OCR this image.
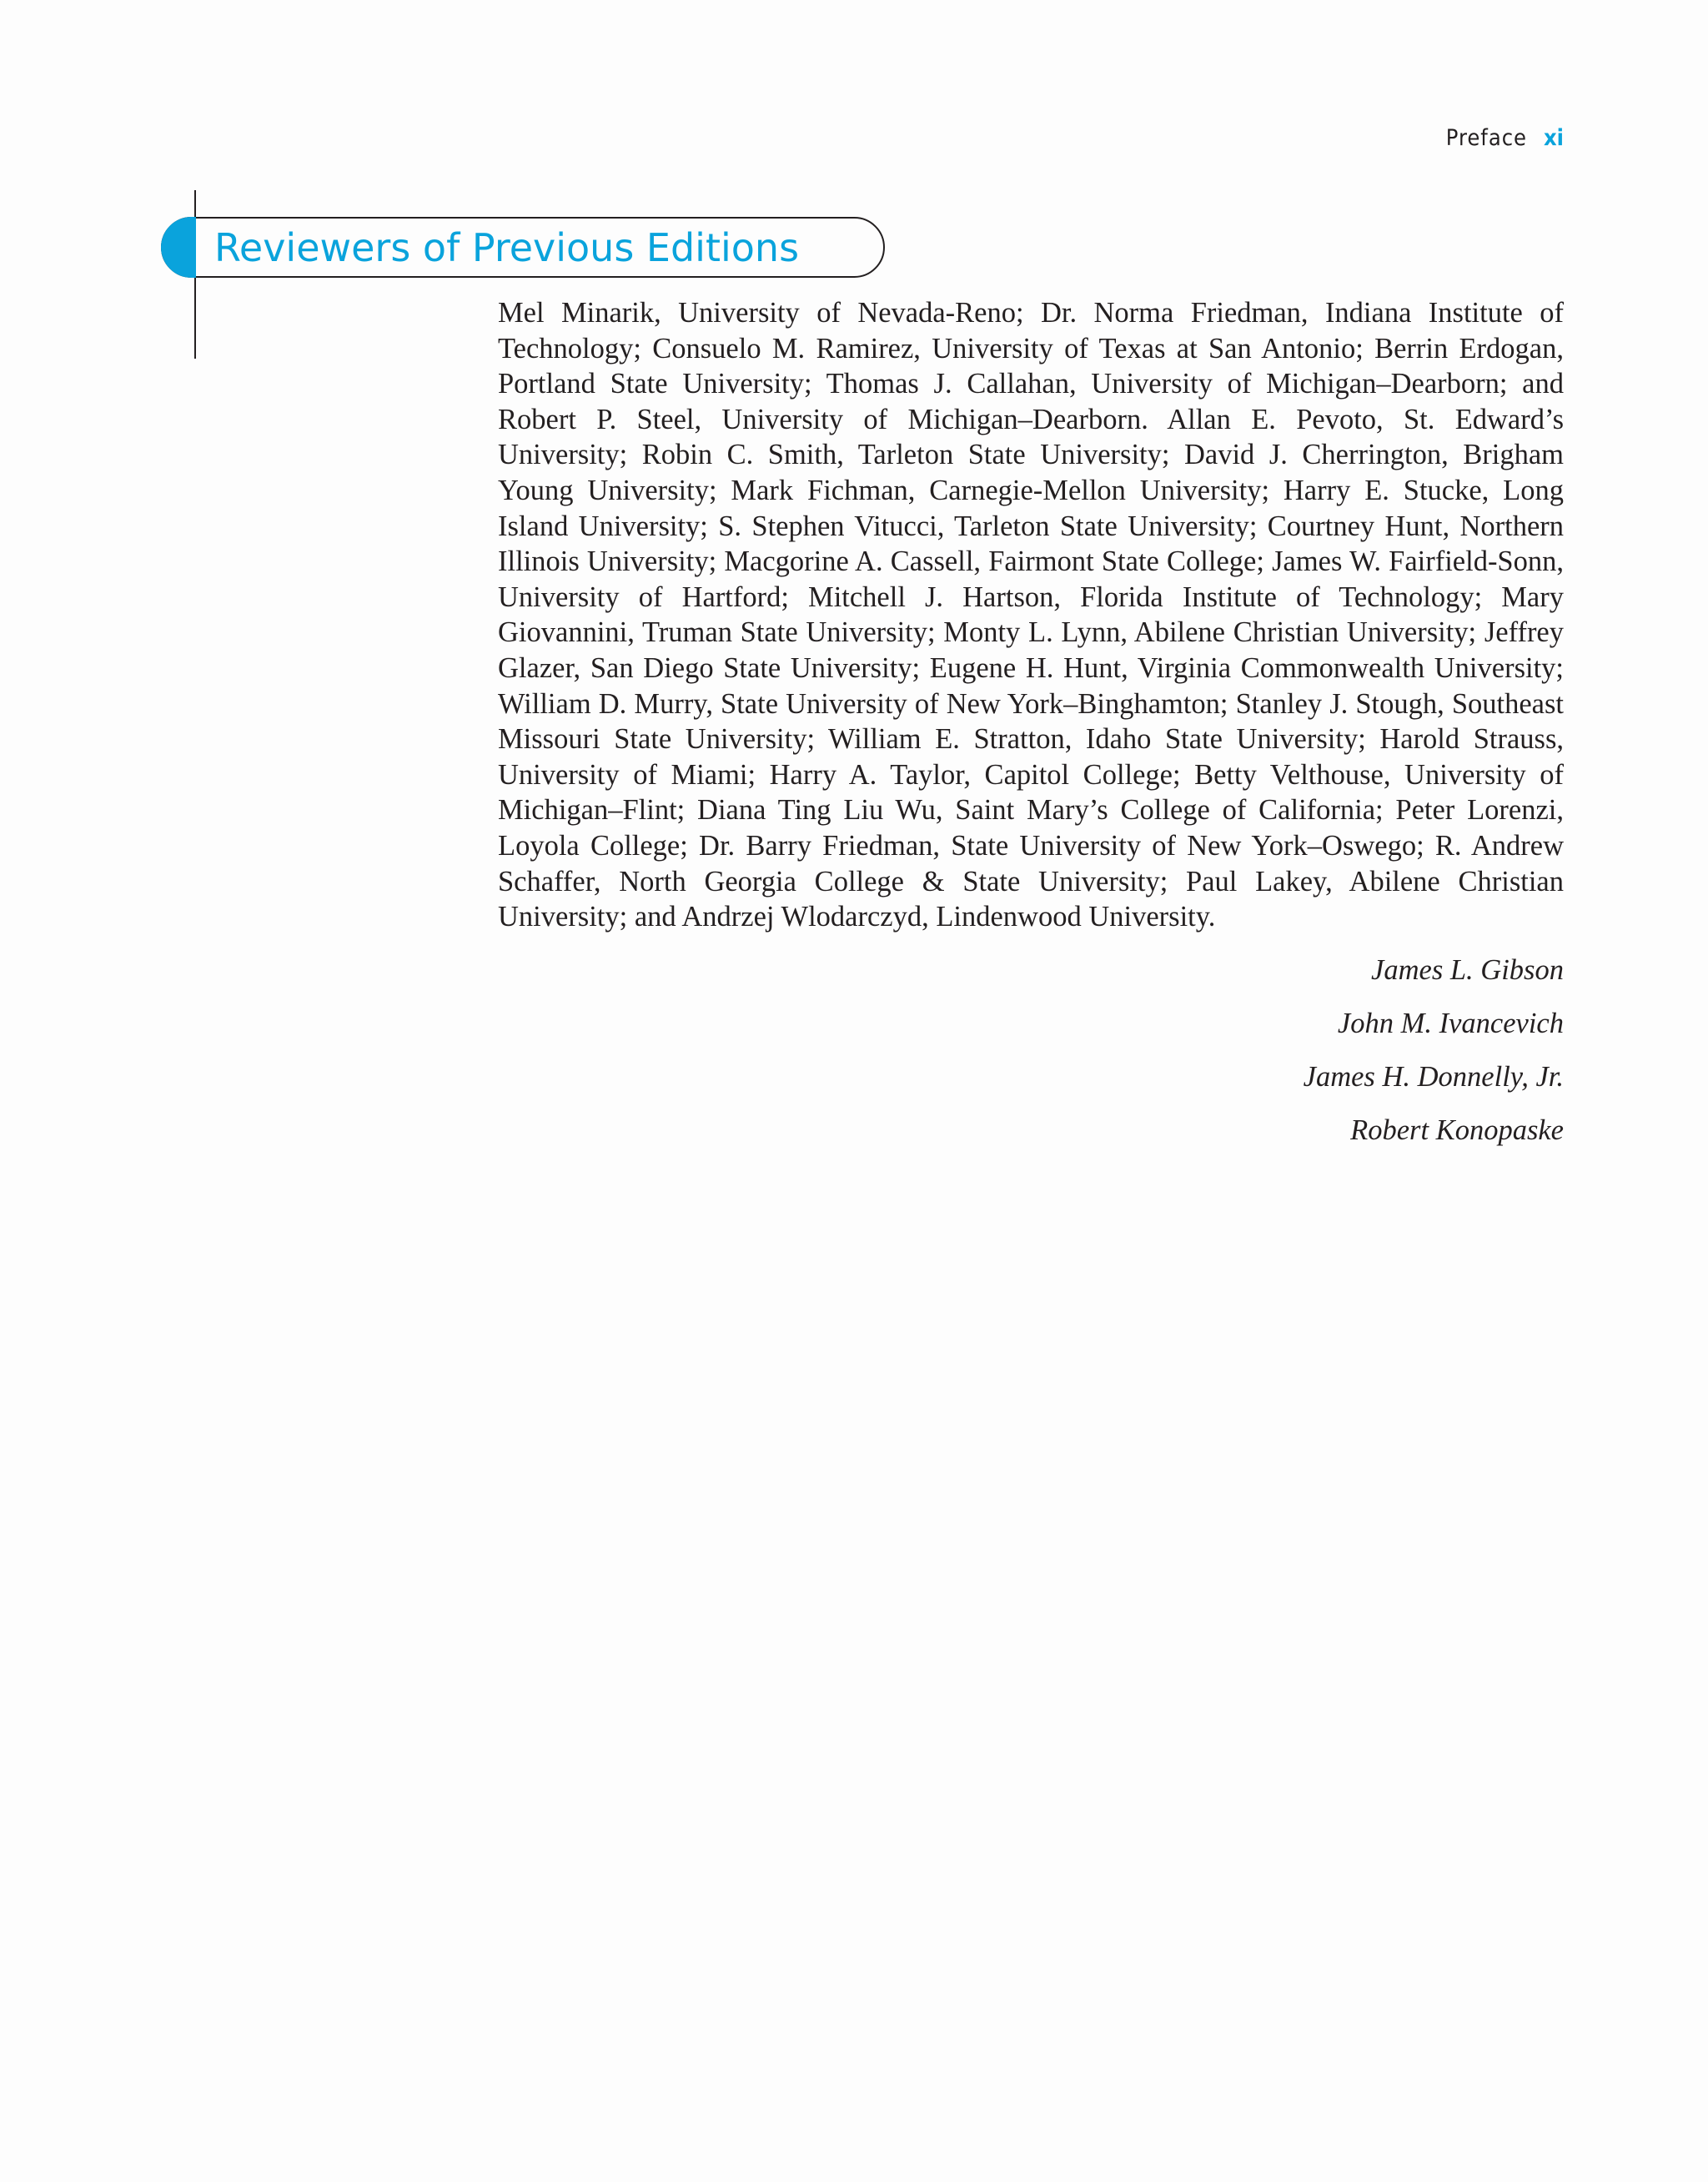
Preface xi
Reviewers of Previous Editions

Mel Minarik, University of Nevada-Reno; Dr. Norma Friedman, Indiana Institute of Technology; Consuelo M. Ramirez, University of Texas at San Antonio; Berrin Erdogan, Portland State University; Thomas J. Callahan, University of Michigan–Dearborn; and Robert P. Steel, University of Michigan–Dearborn. Allan E. Pevoto, St. Edward’s University; Robin C. Smith, Tarleton State University; David J. Cherrington, Brigham Young University; Mark Fichman, Carnegie-Mellon University; Harry E. Stucke, Long Island University; S. Stephen Vitucci, Tarleton State University; Courtney Hunt, Northern Illinois University; Macgorine A. Cassell, Fairmont State College; James W. Fairfield-Sonn, University of Hartford; Mitchell J. Hartson, Florida Institute of Technology; Mary Giovannini, Truman State University; Monty L. Lynn, Abilene Christian University; Jeffrey Glazer, San Diego State University; Eugene H. Hunt, Virginia Commonwealth University; William D. Murry, State University of New York–Binghamton; Stanley J. Stough, Southeast Missouri State University; William E. Stratton, Idaho State University; Harold Strauss, University of Miami; Harry A. Taylor, Capitol College; Betty Velthouse, University of Michigan–Flint; Diana Ting Liu Wu, Saint Mary’s College of California; Peter Lorenzi, Loyola College; Dr. Barry Friedman, State University of New York–Oswego; R. Andrew Schaffer, North Georgia College & State University; Paul Lakey, Abilene Christian University; and Andrzej Wlodarczyd, Lindenwood University.

James L. Gibson
John M. Ivancevich
James H. Donnelly, Jr.
Robert Konopaske
